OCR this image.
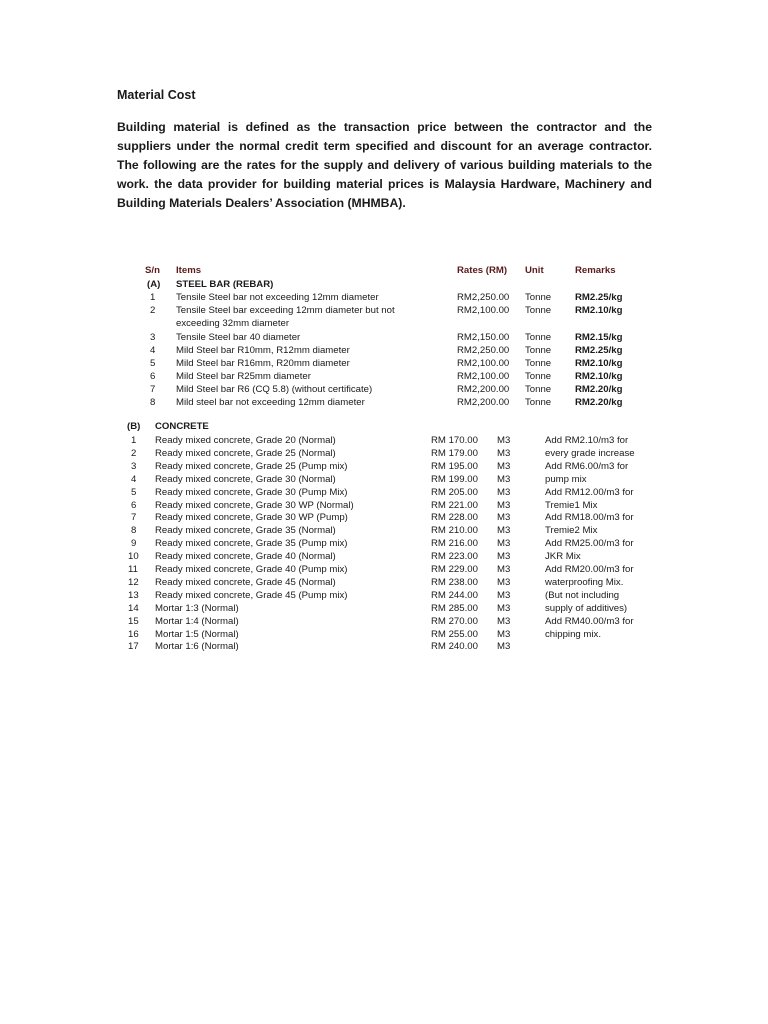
Material Cost
Building material is defined as the transaction price between the contractor and the suppliers under the normal credit term specified and discount for an average contractor. The following are the rates for the supply and delivery of various building materials to the work. the data provider for building material prices is Malaysia Hardware, Machinery and Building Materials Dealers’ Association (MHMBA).
S/n Items	Rates (RM) Unit	Remarks
(A) STEEL BAR (REBAR)
1 Tensile Steel bar not exceeding 12mm diameter	RM2,250.00 Tonne RM2.25/kg
2 Tensile Steel bar exceeding 12mm diameter but not
exceeding 32mm diameter
RM2,100.00 Tonne RM2.10/kg
3 Tensile Steel bar 40 diameter	RM2,150.00 Tonne RM2.15/kg
4 Mild Steel bar R10mm, R12mm diameter	RM2,250.00 Tonne RM2.25/kg
5 Mild Steel bar R16mm, R20mm diameter	RM2,100.00 Tonne RM2.10/kg
6 Mild Steel bar R25mm diameter	RM2,100.00 Tonne RM2.10/kg
7 Mild Steel bar R6 (CQ 5.8) (without certificate)	RM2,200.00 Tonne RM2.20/kg
8 Mild steel bar not exceeding 12mm diameter	RM2,200.00 Tonne RM2.20/kg
(B) CONCRETE
1 Ready mixed concrete, Grade 20 (Normal)	RM 170.00 M3	Add RM2.10/m3 for
2 Ready mixed concrete, Grade 25 (Normal)	RM 179.00 M3	every grade increase
3 Ready mixed concrete, Grade 25 (Pump mix)	RM 195.00 M3	Add RM6.00/m3 for
4 Ready mixed concrete, Grade 30 (Normal)	RM 199.00 M3	pump mix
5 Ready mixed concrete, Grade 30 (Pump Mix)	RM 205.00 M3	Add RM12.00/m3 for
6 Ready mixed concrete, Grade 30 WP (Normal)	RM 221.00 M3	Tremie1 Mix
7 Ready mixed concrete, Grade 30 WP (Pump)	RM 228.00 M3	Add RM18.00/m3 for
8 Ready mixed concrete, Grade 35 (Normal)	RM 210.00 M3	Tremie2 Mix
9 Ready mixed concrete, Grade 35 (Pump mix)	RM 216.00 M3	Add RM25.00/m3 for
10 Ready mixed concrete, Grade 40 (Normal)	RM 223.00 M3	JKR Mix
11 Ready mixed concrete, Grade 40 (Pump mix)	RM 229.00 M3	Add RM20.00/m3 for
12 Ready mixed concrete, Grade 45 (Normal)	RM 238.00 M3	waterproofing Mix.
13 Ready mixed concrete, Grade 45 (Pump mix)	RM 244.00 M3	(But not including
14 Mortar 1:3 (Normal)	RM 285.00 M3	supply of additives)
15 Mortar 1:4 (Normal)	RM 270.00 M3	Add RM40.00/m3 for
16 Mortar 1:5 (Normal)	RM 255.00 M3	chipping mix.
17 Mortar 1:6 (Normal)	RM 240.00 M3
